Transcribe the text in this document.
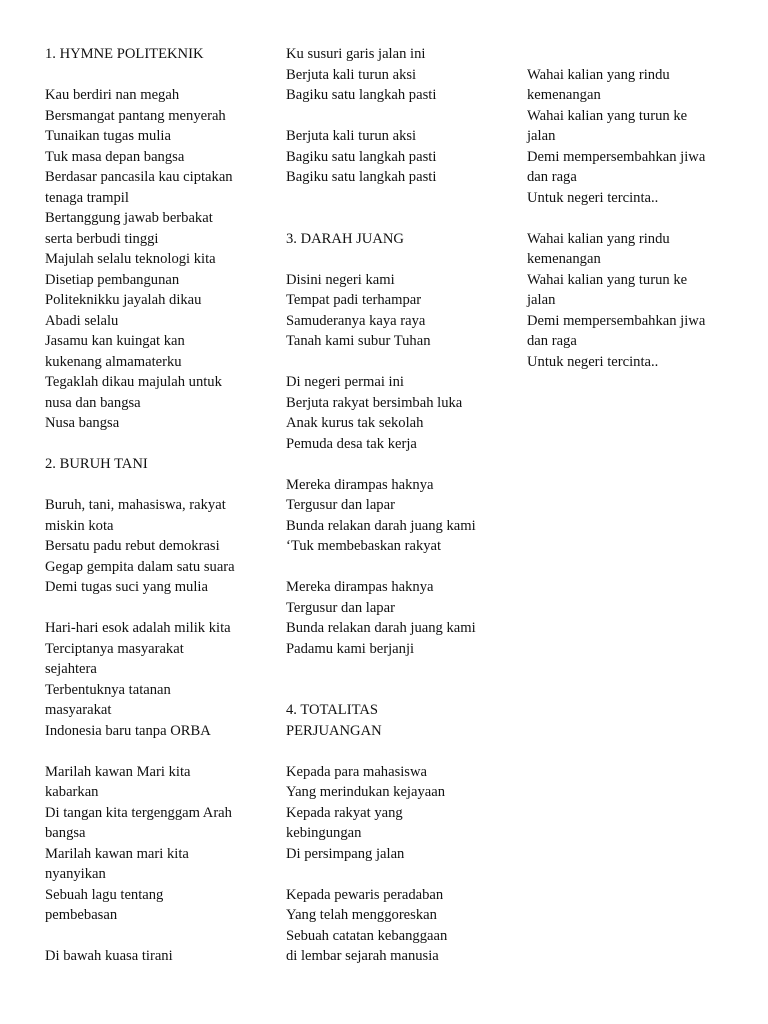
1. HYMNE POLITEKNIK
Kau berdiri nan megah
Bersmangat pantang menyerah
Tunaikan tugas mulia
Tuk masa depan bangsa
Berdasar pancasila kau ciptakan
tenaga trampil
Bertanggung jawab berbakat
serta berbudi tinggi
Majulah selalu teknologi kita
Disetiap pembangunan
Politeknikku jayalah dikau
Abadi selalu
Jasamu kan kuingat kan
kukenang almamaterku
Tegaklah dikau majulah untuk
nusa dan bangsa
Nusa bangsa
2. BURUH TANI
Buruh, tani, mahasiswa, rakyat
miskin kota
Bersatu padu rebut demokrasi
Gegap gempita dalam satu suara
Demi tugas suci yang mulia
Hari-hari esok adalah milik kita
Terciptanya masyarakat
sejahtera
Terbentuknya tatanan
masyarakat
Indonesia baru tanpa ORBA
Marilah kawan Mari kita
kabarkan
Di tangan kita tergenggam Arah
bangsa
Marilah kawan mari kita
nyanyikan
Sebuah lagu tentang
pembebasan
Di bawah kuasa tirani
Ku susuri garis jalan ini
Berjuta kali turun aksi
Bagiku satu langkah pasti
Berjuta kali turun aksi
Bagiku satu langkah pasti
Bagiku satu langkah pasti
3. DARAH JUANG
Disini negeri kami
Tempat padi terhampar
Samuderanya kaya raya
Tanah kami subur Tuhan
Di negeri permai ini
Berjuta rakyat bersimbah luka
Anak kurus tak sekolah
Pemuda desa tak kerja
Mereka dirampas haknya
Tergusur dan lapar
Bunda relakan darah juang kami
‘Tuk membebaskan rakyat
Mereka dirampas haknya
Tergusur dan lapar
Bunda relakan darah juang kami
Padamu kami berjanji
4. TOTALITAS
PERJUANGAN
Kepada para mahasiswa
Yang merindukan kejayaan
Kepada rakyat yang
kebingungan
Di persimpang jalan
Kepada pewaris peradaban
Yang telah menggoreskan
Sebuah catatan kebanggaan
di lembar sejarah manusia
Wahai kalian yang rindu
kemenangan
Wahai kalian yang turun ke
jalan
Demi mempersembahkan jiwa
dan raga
Untuk negeri tercinta..
Wahai kalian yang rindu
kemenangan
Wahai kalian yang turun ke
jalan
Demi mempersembahkan jiwa
dan raga
Untuk negeri tercinta..
